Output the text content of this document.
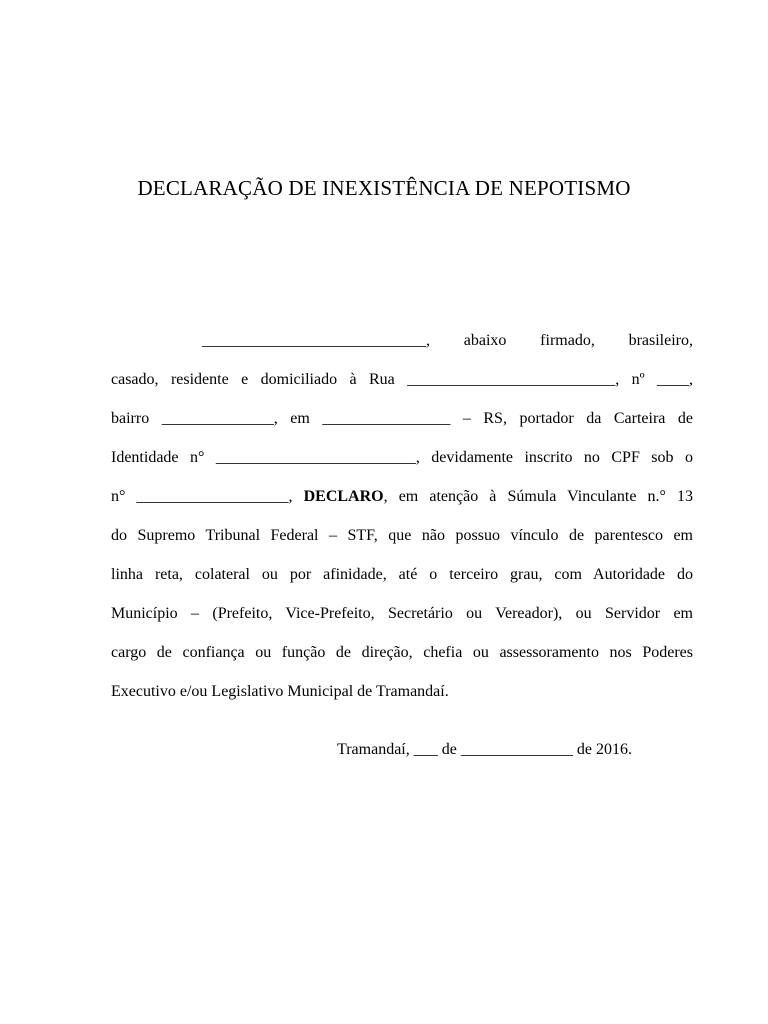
DECLARAÇÃO DE INEXISTÊNCIA DE NEPOTISMO
____________________________, abaixo firmado, brasileiro,
casado, residente e domiciliado à Rua __________________________, nº ____,
bairro ______________, em ________________ – RS, portador da Carteira de
Identidade n° _________________________, devidamente inscrito no CPF sob o
n° ___________________, DECLARO, em atenção à Súmula Vinculante n.° 13
do Supremo Tribunal Federal – STF, que não possuo vínculo de parentesco em
linha reta, colateral ou por afinidade, até o terceiro grau, com Autoridade do
Município – (Prefeito, Vice-Prefeito, Secretário ou Vereador), ou Servidor em
cargo de confiança ou função de direção, chefia ou assessoramento nos Poderes
Executivo e/ou Legislativo Municipal de Tramandaí.
Tramandaí, ___ de ______________ de 2016.
